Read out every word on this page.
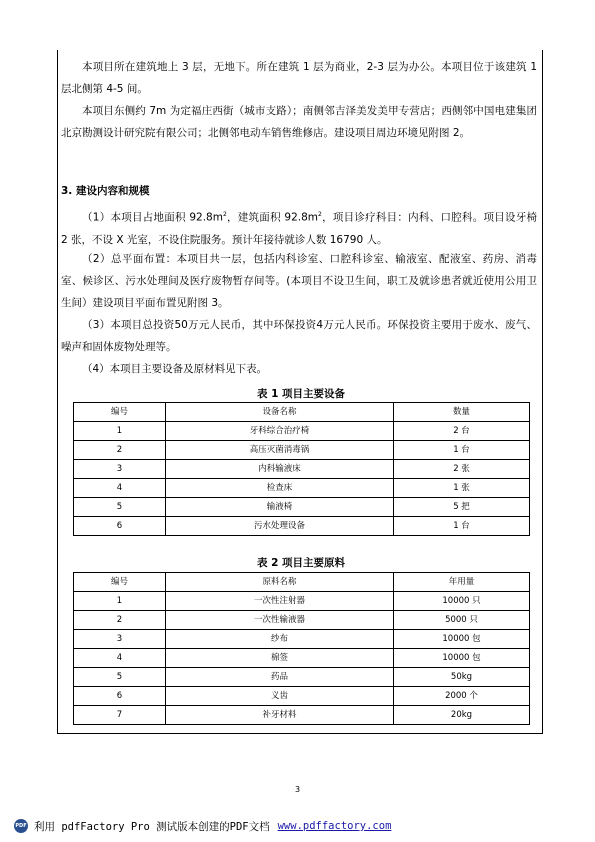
本项目所在建筑地上 3 层，无地下。所在建筑 1 层为商业，2-3 层为办公。本项目位于该建筑 1 层北侧第 4-5 间。

本项目东侧约 7m 为定福庄西街（城市支路）；南侧邻吉泽美发美甲专营店；西侧邻中国电建集团北京勘测设计研究院有限公司；北侧邻电动车销售维修店。建设项目周边环境见附图 2。

3. 建设内容和规模

（1）本项目占地面积 $92.8m^2$，建筑面积 $92.8m^2$，项目诊疗科目：内科、口腔科。项目设牙椅 2 张，不设 X 光室，不设住院服务。预计年接待就诊人数 16790 人。

（2）总平面布置：本项目共一层，包括内科诊室、口腔科诊室、输液室、配液室、药房、消毒室、候诊区、污水处理间及医疗废物暂存间等。(本项目不设卫生间，职工及就诊患者就近使用公用卫生间）建设项目平面布置见附图 3。

（3）本项目总投资50万元人民币，其中环保投资4万元人民币。环保投资主要用于废水、废气、噪声和固体废物处理等。

（4）本项目主要设备及原材料见下表。

表 1 项目主要设备

编号	设备名称	数量
1	牙科综合治疗椅	2 台
2	高压灭菌消毒锅	1 台
3	内科输液床	2 张
4	检查床	1 张
5	输液椅	5 把
6	污水处理设备	1 台

表 2 项目主要原料

编号	原料名称	年用量
1	一次性注射器	10000 只
2	一次性输液器	5000 只
3	纱布	10000 包
4	棉签	10000 包
5	药品	50kg
6	义齿	2000 个
7	补牙材料	20kg
3
PDF 利用 pdfFactory Pro 测试版本创建的PDF文档 www.pdffactory.com
